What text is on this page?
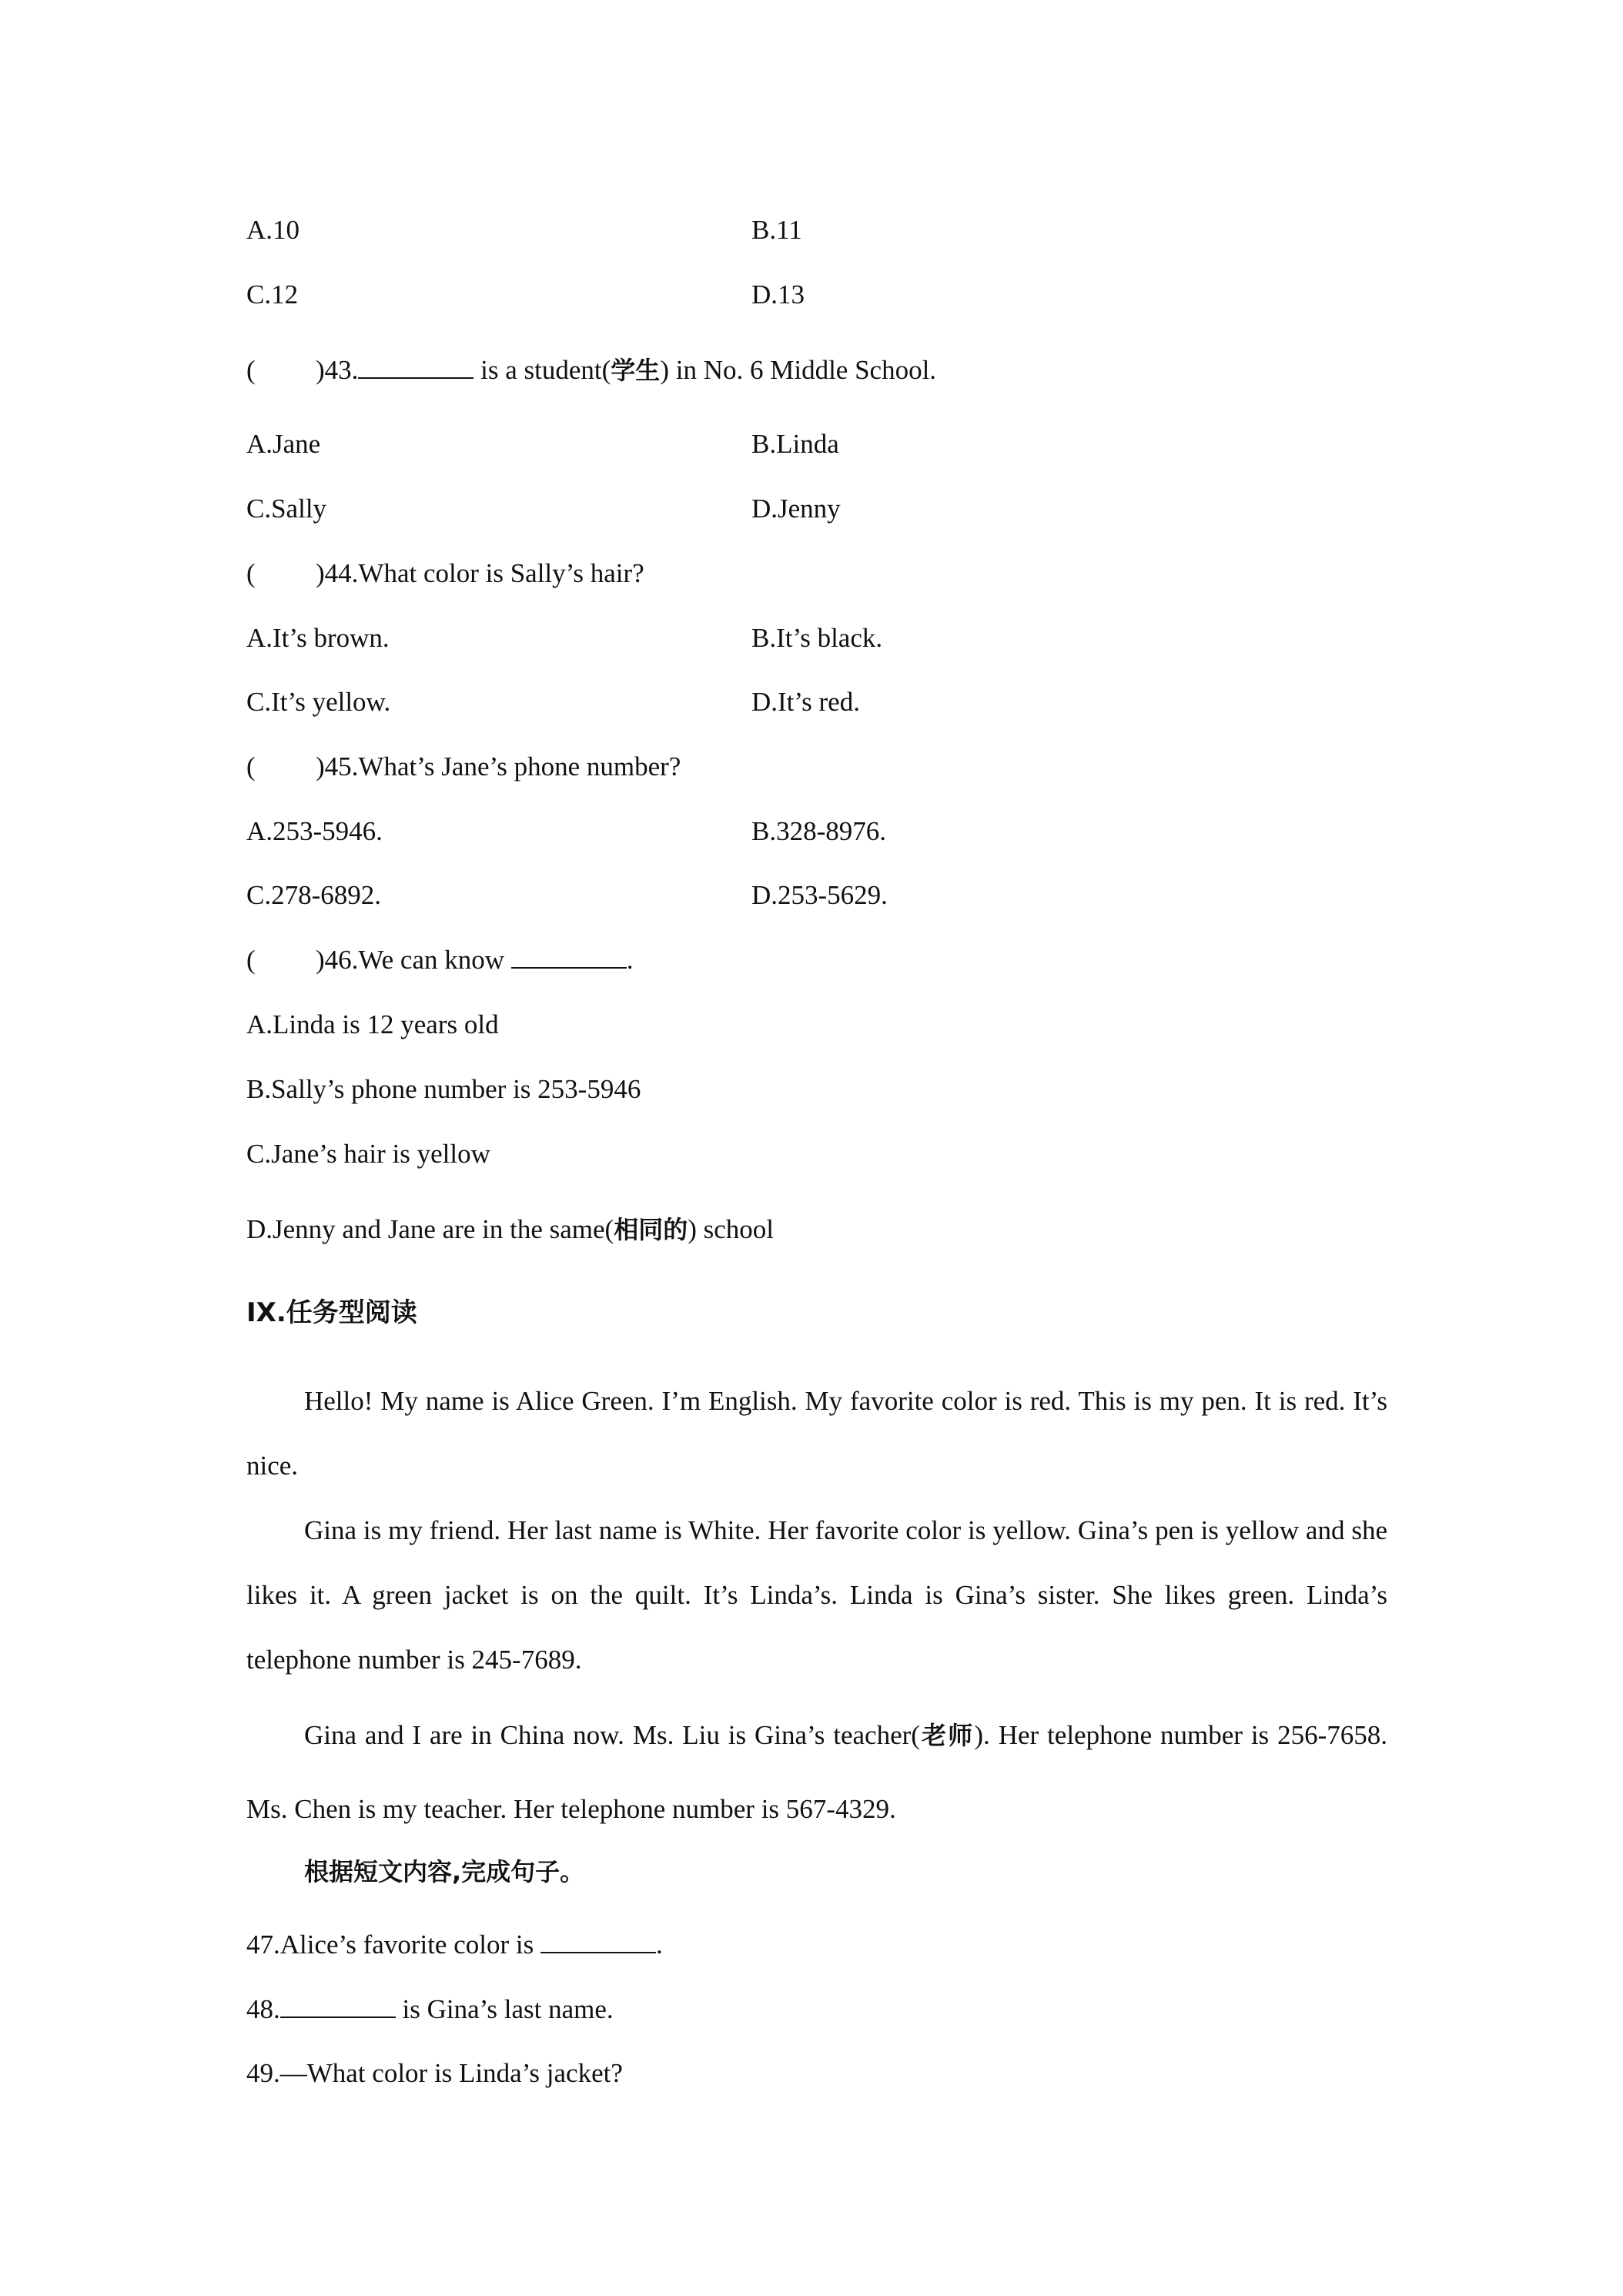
A.10	B.11
C.12	D.13
( )43.	is a student(学生) in No. 6 Middle School.
A.Jane	B.Linda
C.Sally	D.Jenny
( )44.What color is Sally’s hair?
A.It’s brown.	B.It’s black.
C.It’s yellow.	D.It’s red.
( )45.What’s Jane’s phone number?
A.253-5946.	B.328-8976.
C.278-6892.	D.253-5629.
( )46.We can know	.
A.Linda is 12 years old
B.Sally’s phone number is 253-5946
C.Jane’s hair is yellow
D.Jenny and Jane are in the same(相同的) school
IX.任务型阅读
Hello! My name is Alice Green. I’m English. My favorite color is red. This is my pen. It is red. It’s nice.
Gina is my friend. Her last name is White. Her favorite color is yellow. Gina’s pen is yellow and she likes it. A green jacket is on the quilt. It’s Linda’s. Linda is Gina’s sister. She likes green. Linda’s telephone number is 245-7689.
Gina and I are in China now. Ms. Liu is Gina’s teacher(老师). Her telephone number is 256-7658. Ms. Chen is my teacher. Her telephone number is 567-4329.
根据短文内容,完成句子。
47.Alice’s favorite color is	.
48.	is Gina’s last name.
49.—What color is Linda’s jacket?
